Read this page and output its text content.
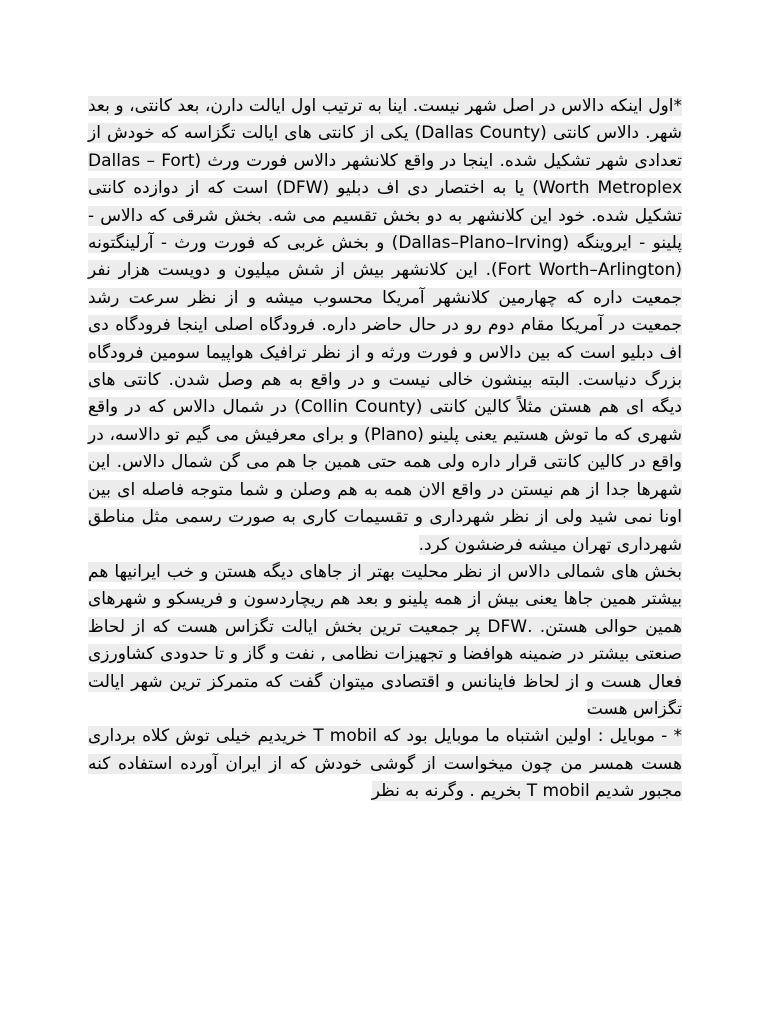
*اول اینکه دالاس در اصل شهر نیست. اینا به ترتیب اول ایالت دارن، بعد کانتی، و بعد شهر. دالاس کانتی (Dallas County) یکی از کانتی های ایالت تگزاسه که خودش از تعدادی شهر تشکیل شده. اینجا در واقع کلانشهر دالاس فورت ورث (Dallas – Fort Worth Metroplex) یا به اختصار دی اف دبلیو (DFW) است که از دوازده کانتی تشکیل شده. خود این کلانشهر به دو بخش تقسیم می شه. بخش شرقی که دالاس - پلینو - ایروینگه (Dallas–Plano–Irving) و بخش غربی که فورت ورث - آرلینگتونه (Fort Worth–Arlington). این کلانشهر بیش از شش میلیون و دویست هزار نفر جمعیت داره که چهارمین کلانشهر آمریکا محسوب میشه و از نظر سرعت رشد جمعیت در آمریکا مقام دوم رو در حال حاضر داره. فرودگاه اصلی اینجا فرودگاه دی اف دبلیو است که بین دالاس و فورت ورثه و از نظر ترافیک هواپیما سومین فرودگاه بزرگ دنیاست. البته بینشون خالی نیست و در واقع به هم وصل شدن. کانتی های دیگه ای هم هستن مثلاً کالین کانتی (Collin County) در شمال دالاس که در واقع شهری که ما توش هستیم یعنی پلینو (Plano) و برای معرفیش می گیم تو دالاسه، در واقع در کالین کانتی قرار داره ولی همه حتی همین جا هم می گن شمال دالاس. این شهرها جدا از هم نیستن در واقع الان همه به هم وصلن و شما متوجه فاصله ای بین اونا نمی شید ولی از نظر شهرداری و تقسیمات کاری به صورت رسمی مثل مناطق شهرداری تهران میشه فرضشون کرد.

بخش های شمالی دالاس از نظر محلیت بهتر از جاهای دیگه هستن و خب ایرانیها هم بیشتر همین جاها یعنی بیش از همه پلینو و بعد هم ریچاردسون و فریسکو و شهرهای همین حوالی هستن. .DFW پر جمعیت ترین بخش ایالت تگزاس هست که از لحاظ صنعتی بیشتر در ضمینه هوافضا و تجهیزات نظامی , نفت و گاز و تا حدودی کشاورزی فعال هست و از لحاظ فاینانس و اقتصادی میتوان گفت که متمرکز ترین شهر ایالت تگزاس هست

* - موبایل : اولین اشتباه ما موبایل بود که T mobil خریدیم خیلی توش کلاه برداری هست همسر من چون میخواست از گوشی خودش که از ایران آورده استفاده کنه مجبور شدیم T mobil بخریم . وگرنه به نظر
